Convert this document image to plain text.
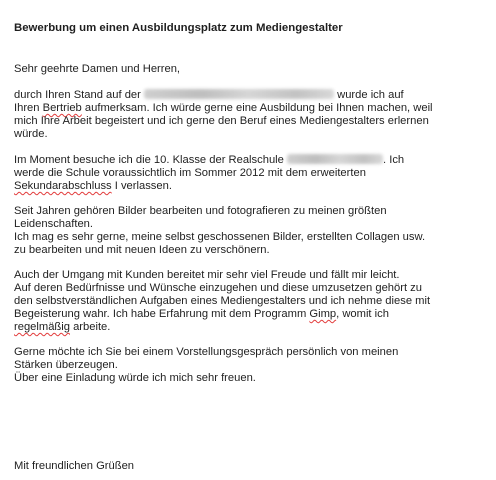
Bewerbung um einen Ausbildungsplatz zum Mediengestalter
Sehr geehrte Damen und Herren,
durch Ihren Stand auf der	wurde ich auf
Ihren Bertrieb aufmerksam. Ich würde gerne eine Ausbildung bei Ihnen machen, weil
mich Ihre Arbeit begeistert und ich gerne den Beruf eines Mediengestalters erlernen
würde.
Im Moment besuche ich die 10. Klasse der Realschule	. Ich
werde die Schule voraussichtlich im Sommer 2012 mit dem erweiterten
Sekundarabschluss I verlassen.
Seit Jahren gehören Bilder bearbeiten und fotografieren zu meinen größten
Leidenschaften.
Ich mag es sehr gerne, meine selbst geschossenen Bilder, erstellten Collagen usw.
zu bearbeiten und mit neuen Ideen zu verschönern.
Auch der Umgang mit Kunden bereitet mir sehr viel Freude und fällt mir leicht.
Auf deren Bedürfnisse und Wünsche einzugehen und diese umzusetzen gehört zu
den selbstverständlichen Aufgaben eines Mediengestalters und ich nehme diese mit
Begeisterung wahr. Ich habe Erfahrung mit dem Programm Gimp, womit ich
regelmäßig arbeite.
Gerne möchte ich Sie bei einem Vorstellungsgespräch persönlich von meinen
Stärken überzeugen.
Über eine Einladung würde ich mich sehr freuen.
Mit freundlichen Grüßen
